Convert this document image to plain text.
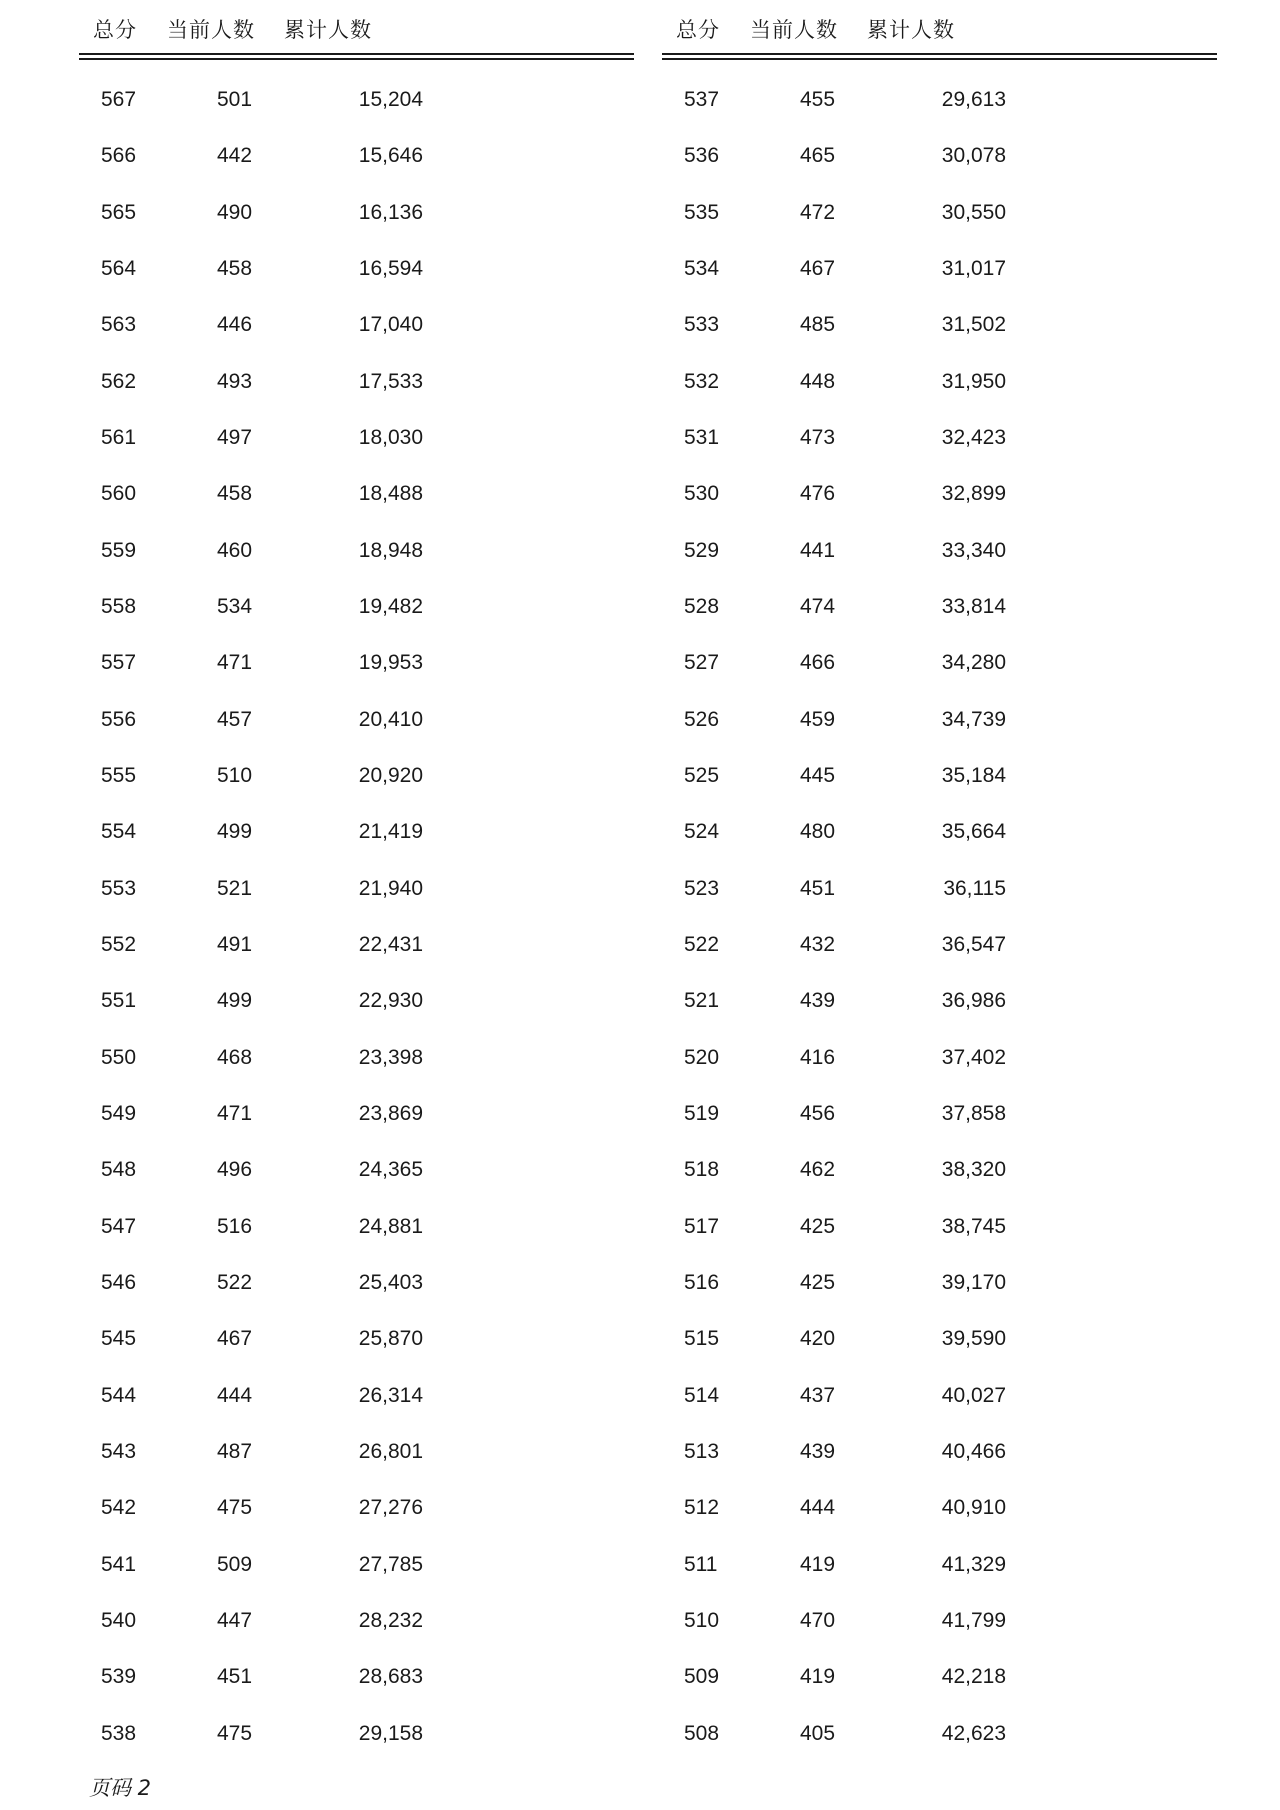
总分 当前人数 累计人数
567	501	15,204
566	442	15,646
565	490	16,136
564	458	16,594
563	446	17,040
562	493	17,533
561	497	18,030
560	458	18,488
559	460	18,948
558	534	19,482
557	471	19,953
556	457	20,410
555	510	20,920
554	499	21,419
553	521	21,940
552	491	22,431
551	499	22,930
550	468	23,398
549	471	23,869
548	496	24,365
547	516	24,881
546	522	25,403
545	467	25,870
544	444	26,314
543	487	26,801
542	475	27,276
541	509	27,785
540	447	28,232
539	451	28,683
538	475	29,158
总分 当前人数 累计人数
537	455	29,613
536	465	30,078
535	472	30,550
534	467	31,017
533	485	31,502
532	448	31,950
531	473	32,423
530	476	32,899
529	441	33,340
528	474	33,814
527	466	34,280
526	459	34,739
525	445	35,184
524	480	35,664
523	451	36,115
522	432	36,547
521	439	36,986
520	416	37,402
519	456	37,858
518	462	38,320
517	425	38,745
516	425	39,170
515	420	39,590
514	437	40,027
513	439	40,466
512	444	40,910
511	419	41,329
510	470	41,799
509	419	42,218
508	405	42,623
页码 2
